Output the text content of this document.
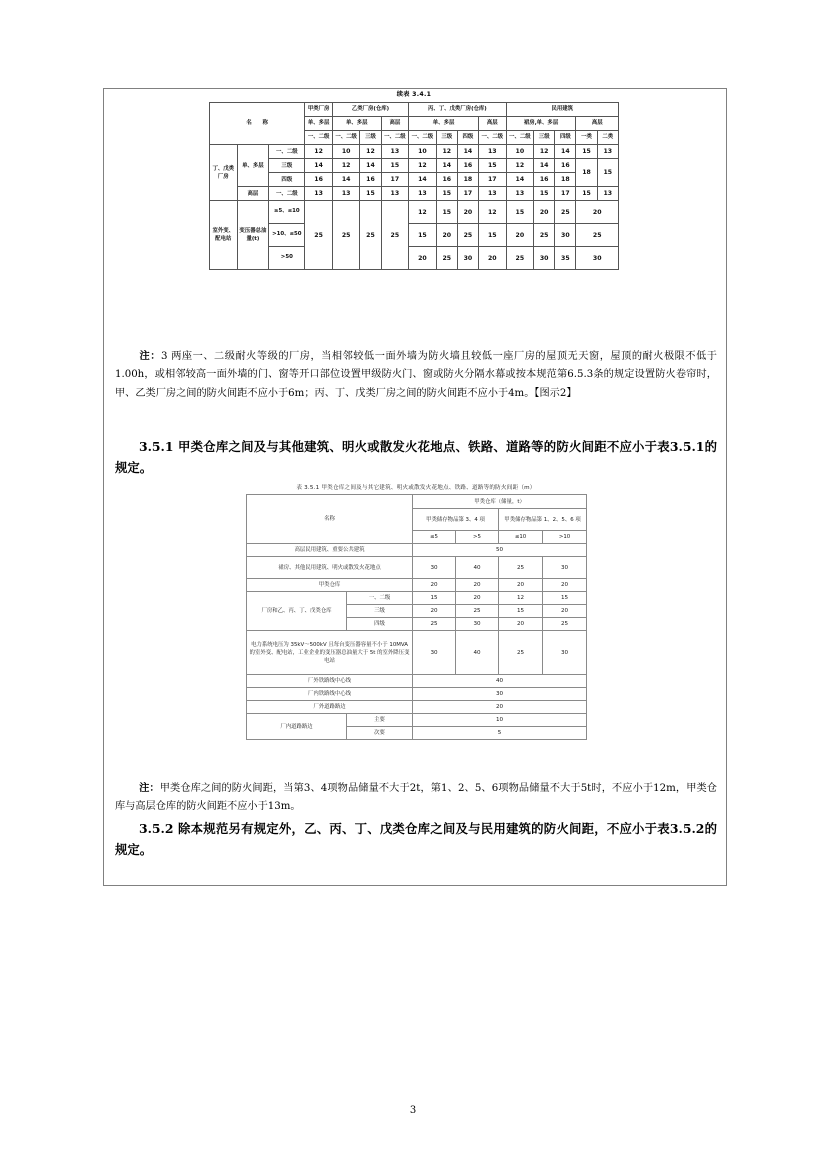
续表 3.4.1
名　　称			甲类厂房	乙类厂房(仓库)			丙、丁、戊类厂房(仓库)				民用建筑				
			单、多层	单、多层		高层	单、多层			高层	裙房,单、多层			高层	
			一、二级	一、二级	三级	一、二级	一、二级	三级	四级	一、二级	一、二级	三级	四级	一类	二类
丁、戊类厂房	单、多层	一、二级	12	10	12	13	10	12	14	13	10	12	14	15	13
		三级	14	12	14	15	12	14	16	15	12	14	16	18	15
		四级	16	14	16	17	14	16	18	17	14	16	18		
	高层	一、二级	13	13	15	13	13	15	17	13	13	15	17	15	13
室外变、配电站	变压器总油量(t)	≥5、≤10	25	25	25	25	12	15	20	12	15	20	25	20	
		>10、≤50					15	20	25	15	20	25	30	25	
		>50					20	25	30	20	25	30	35	30	
注：3 两座一、二级耐火等级的厂房，当相邻较低一面外墙为防火墙且较低一座厂房的屋顶无天窗，屋顶的耐火极限不低于1.00h，或相邻较高一面外墙的门、窗等开口部位设置甲级防火门、窗或防火分隔水幕或按本规范第6.5.3条的规定设置防火卷帘时，甲、乙类厂房之间的防火间距不应小于6m；丙、丁、戊类厂房之间的防火间距不应小于4m。【图示2】
3.5.1 甲类仓库之间及与其他建筑、明火或散发火花地点、铁路、道路等的防火间距不应小于表3.5.1的规定。
表 3.5.1 甲类仓库之间及与其它建筑、明火或散发火花地点、铁路、道路等的防火间距（m）
名称		甲类仓库（储量，t）			
		甲类储存物品第 3、4 项		甲类储存物品第 1、2、5、6 项	
		≤5	>5	≤10	>10
高层民用建筑、重要公共建筑		50			
裙房、其他民用建筑、明火或散发火花地点		30	40	25	30
甲类仓库		20	20	20	20
厂房和乙、丙、丁、戊类仓库	一、二级	15	20	12	15
	三级	20	25	15	20
	四级	25	30	20	25
电力系统电压为 35kV～500kV 且每台变压器容量不小于 10MVA 的室外变、配电站，工业企业的变压器总油量大于 5t 的室外降压变电站		30	40	25	30
厂外铁路线中心线		40			
厂内铁路线中心线		30			
厂外道路路边		20			
厂内道路路边	主要	10			
	次要	5			
注：甲类仓库之间的防火间距，当第3、4项物品储量不大于2t，第1、2、5、6项物品储量不大于5t时，不应小于12m，甲类仓库与高层仓库的防火间距不应小于13m。
3.5.2 除本规范另有规定外，乙、丙、丁、戊类仓库之间及与民用建筑的防火间距，不应小于表3.5.2的规定。
3
